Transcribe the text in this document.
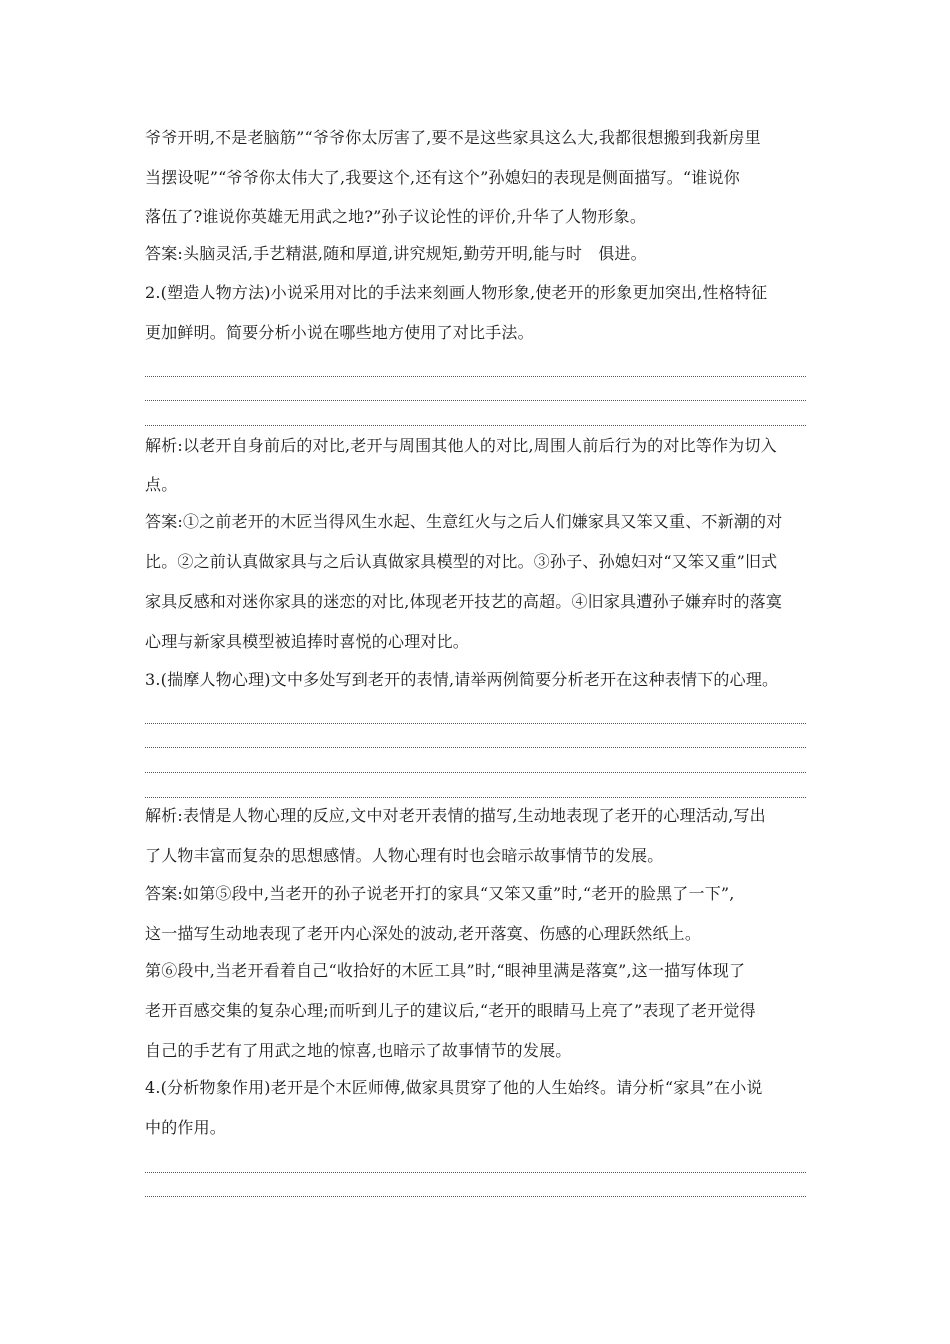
爷爷开明,不是老脑筋”“爷爷你太厉害了,要不是这些家具这么大,我都很想搬到我新房里
当摆设呢”“爷爷你太伟大了,我要这个,还有这个”孙媳妇的表现是侧面描写。“谁说你
落伍了?谁说你英雄无用武之地?”孙子议论性的评价,升华了人物形象。
答案:头脑灵活,手艺精湛,随和厚道,讲究规矩,勤劳开明,能与时　俱进。
2.(塑造人物方法)小说采用对比的手法来刻画人物形象,使老开的形象更加突出,性格特征
更加鲜明。简要分析小说在哪些地方使用了对比手法。
解析:以老开自身前后的对比,老开与周围其他人的对比,周围人前后行为的对比等作为切入
点。
答案:①之前老开的木匠当得风生水起、生意红火与之后人们嫌家具又笨又重、不新潮的对
比。②之前认真做家具与之后认真做家具模型的对比。③孙子、孙媳妇对“又笨又重”旧式
家具反感和对迷你家具的迷恋的对比,体现老开技艺的高超。④旧家具遭孙子嫌弃时的落寞
心理与新家具模型被追捧时喜悦的心理对比。
3.(揣摩人物心理)文中多处写到老开的表情,请举两例简要分析老开在这种表情下的心理。
解析:表情是人物心理的反应,文中对老开表情的描写,生动地表现了老开的心理活动,写出
了人物丰富而复杂的思想感情。人物心理有时也会暗示故事情节的发展。
答案:如第⑤段中,当老开的孙子说老开打的家具“又笨又重”时,“老开的脸黑了一下”,
这一描写生动地表现了老开内心深处的波动,老开落寞、伤感的心理跃然纸上。
第⑥段中,当老开看着自己“收拾好的木匠工具”时,“眼神里满是落寞”,这一描写体现了
老开百感交集的复杂心理;而听到儿子的建议后,“老开的眼睛马上亮了”表现了老开觉得
自己的手艺有了用武之地的惊喜,也暗示了故事情节的发展。
4.(分析物象作用)老开是个木匠师傅,做家具贯穿了他的人生始终。请分析“家具”在小说
中的作用。
